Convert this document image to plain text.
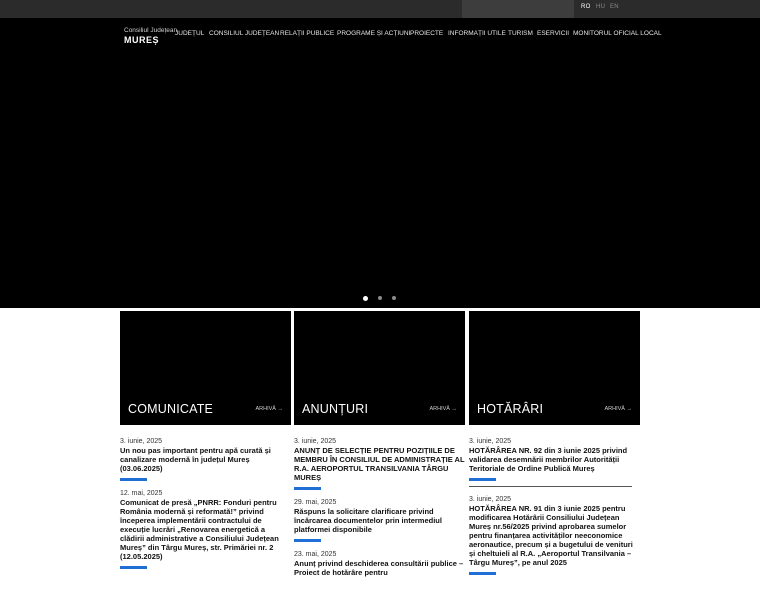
RO HU EN
Consiliul Județean
MUREȘ
JUDEȚUL CONSILIUL JUDEȚEAN RELAȚII PUBLICE PROGRAME ȘI ACȚIUNI PROIECTE INFORMAȚII UTILE TURISM ESERVICII MONITORUL OFICIAL LOCAL
COMUNICATE	ARHIVĂ → ANUNȚURI	ARHIVĂ → HOTĂRÂRI	ARHIVĂ →
3. iunie, 2025
Un nou pas important pentru apă curată și canalizare modernă în județul Mureș (03.06.2025)
12. mai, 2025
Comunicat de presă „PNRR: Fonduri pentru România modernă și reformată!” privind începerea implementării contractului de execuție lucrări „Renovarea energetică a clădirii administrative a Consiliului Județean Mureș” din Târgu Mureș, str. Primăriei nr. 2 (12.05.2025)
3. iunie, 2025
ANUNȚ DE SELECȚIE PENTRU POZIȚIILE DE MEMBRU ÎN CONSILIUL DE ADMINISTRAȚIE AL R.A. AEROPORTUL TRANSILVANIA TÂRGU MUREȘ
29. mai, 2025
Răspuns la solicitare clarificare privind încărcarea documentelor prin intermediul platformei disponibile
23. mai, 2025
Anunț privind deschiderea consultării publice – Proiect de hotărâre pentru
3. iunie, 2025
HOTĂRÂREA NR. 92 din 3 iunie 2025 privind validarea desemnării membrilor Autorității Teritoriale de Ordine Publică Mureș
3. iunie, 2025
HOTĂRÂREA NR. 91 din 3 iunie 2025 pentru modificarea Hotărârii Consiliului Județean Mureș nr.56/2025 privind aprobarea sumelor pentru finanțarea activităților neeconomice aeronautice, precum și a bugetului de venituri și cheltuieli al R.A. „Aeroportul Transilvania – Târgu Mureș”, pe anul 2025
